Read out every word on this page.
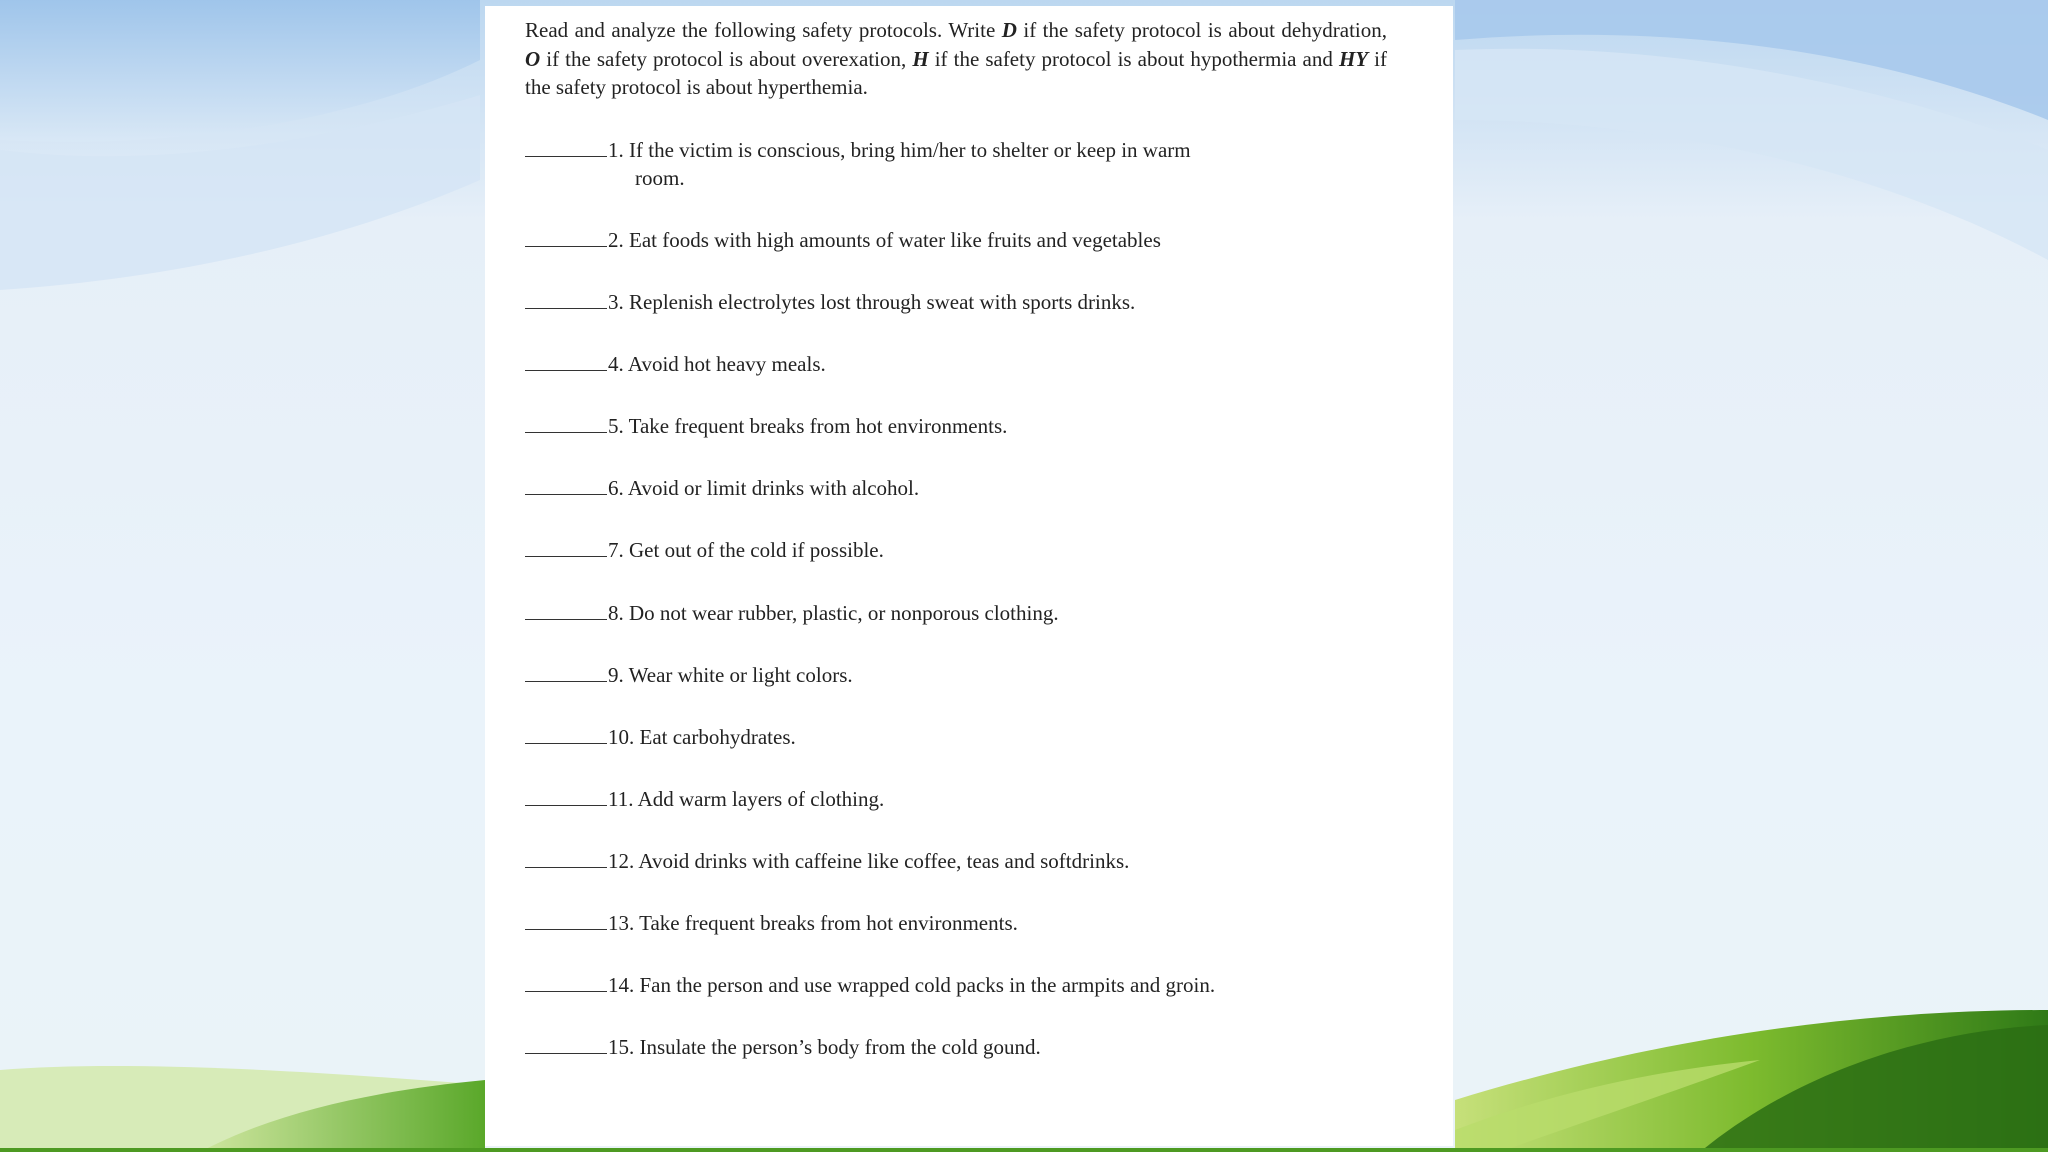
Read and analyze the following safety protocols. Write D if the safety protocol is about dehydration, O if the safety protocol is about overexation, H if the safety protocol is about hypothermia and HY if the safety protocol is about hyperthemia.
1. If the victim is conscious, bring him/her to shelter or keep in warm
room.
2. Eat foods with high amounts of water like fruits and vegetables
3. Replenish electrolytes lost through sweat with sports drinks.
4. Avoid hot heavy meals.
5. Take frequent breaks from hot environments.
6. Avoid or limit drinks with alcohol.
7. Get out of the cold if possible.
8. Do not wear rubber, plastic, or nonporous clothing.
9. Wear white or light colors.
10. Eat carbohydrates.
11. Add warm layers of clothing.
12. Avoid drinks with caffeine like coffee, teas and softdrinks.
13. Take frequent breaks from hot environments.
14. Fan the person and use wrapped cold packs in the armpits and groin.
15. Insulate the person’s body from the cold gound.
